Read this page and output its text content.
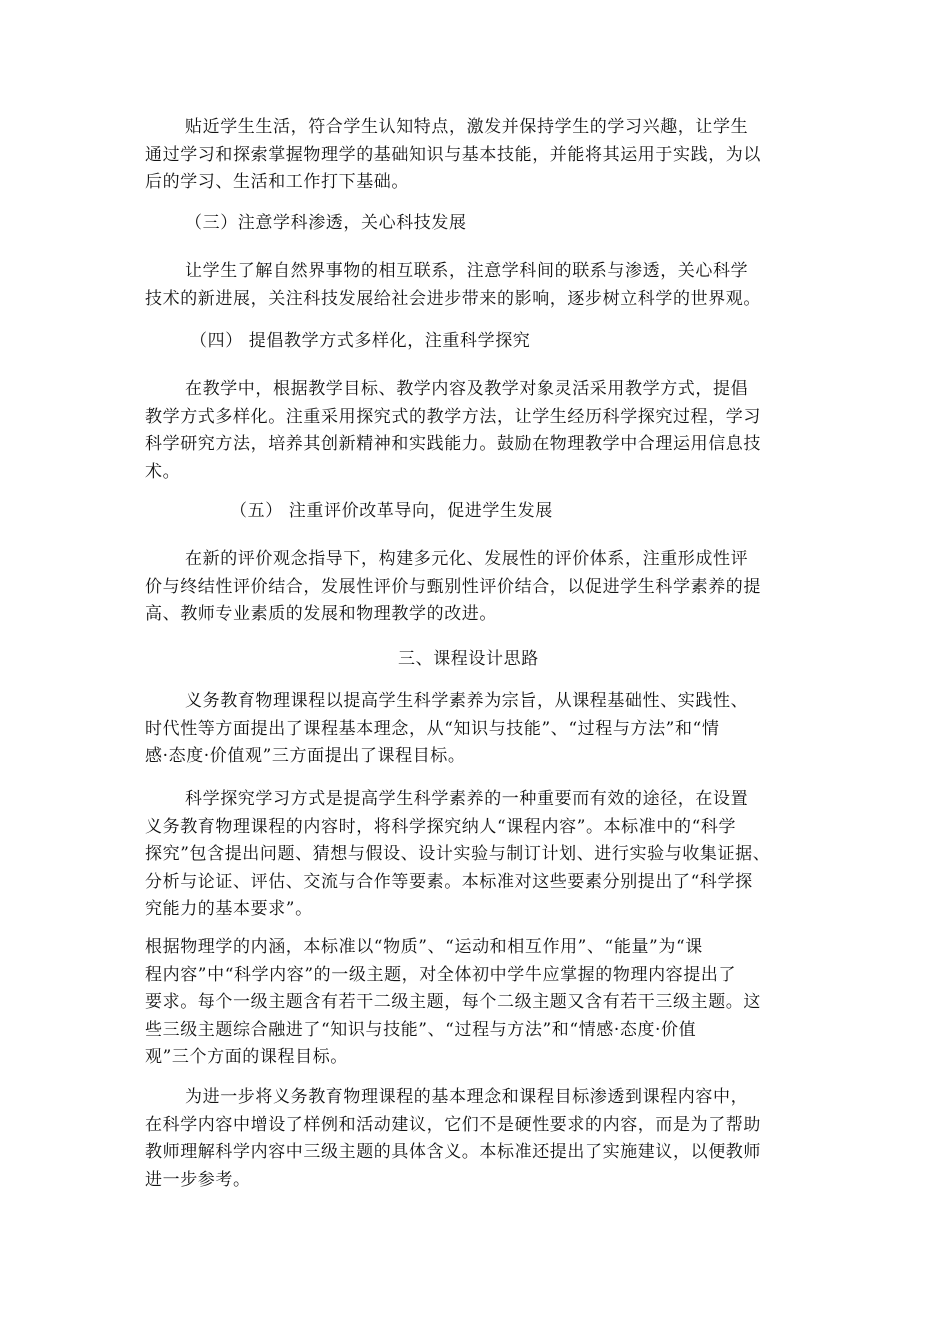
贴近学生生活，符合学生认知特点，激发并保持学生的学习兴趣，让学生
通过学习和探索掌握物理学的基础知识与基本技能，并能将其运用于实践，为以
后的学习、生活和工作打下基础。

（三）注意学科渗透，关心科技发展

让学生了解自然界事物的相互联系，注意学科间的联系与渗透，关心科学
技术的新进展，关注科技发展给社会进步带来的影响，逐步树立科学的世界观。

（四） 提倡教学方式多样化，注重科学探究

在教学中，根据教学目标、教学内容及教学对象灵活采用教学方式，提倡
教学方式多样化。注重采用探究式的教学方法，让学生经历科学探究过程，学习
科学研究方法，培养其创新精神和实践能力。鼓励在物理教学中合理运用信息技
术。

（五） 注重评价改革导向，促进学生发展

在新的评价观念指导下，构建多元化、发展性的评价体系，注重形成性评
价与终结性评价结合，发展性评价与甄别性评价结合，以促进学生科学素养的提
高、教师专业素质的发展和物理教学的改进。

三、课程设计思路

义务教育物理课程以提高学生科学素养为宗旨，从课程基础性、实践性、
时代性等方面提出了课程基本理念，从“知识与技能”、“过程与方法”和“情
感·态度·价值观”三方面提出了课程目标。

科学探究学习方式是提高学生科学素养的一种重要而有效的途径，在设置
义务教育物理课程的内容时，将科学探究纳人“课程内容”。本标准中的“科学
探究”包含提出问题、猜想与假设、设计实验与制订计划、进行实验与收集证据、
分析与论证、评估、交流与合作等要素。本标准对这些要素分别提出了“科学探
究能力的基本要求”。

根据物理学的内涵，本标准以“物质”、“运动和相互作用”、“能量”为“课
程内容”中“科学内容”的一级主题，对全体初中学牛应掌握的物理内容提出了
要求。每个一级主题含有若干二级主题，每个二级主题又含有若干三级主题。这
些三级主题综合融进了“知识与技能”、“过程与方法”和“情感·态度·价值
观”三个方面的课程目标。

为进一步将义务教育物理课程的基本理念和课程目标渗透到课程内容中，
在科学内容中增设了样例和活动建议，它们不是硬性要求的内容，而是为了帮助
教师理解科学内容中三级主题的具体含义。本标准还提出了实施建议，以便教师
进一步参考。
